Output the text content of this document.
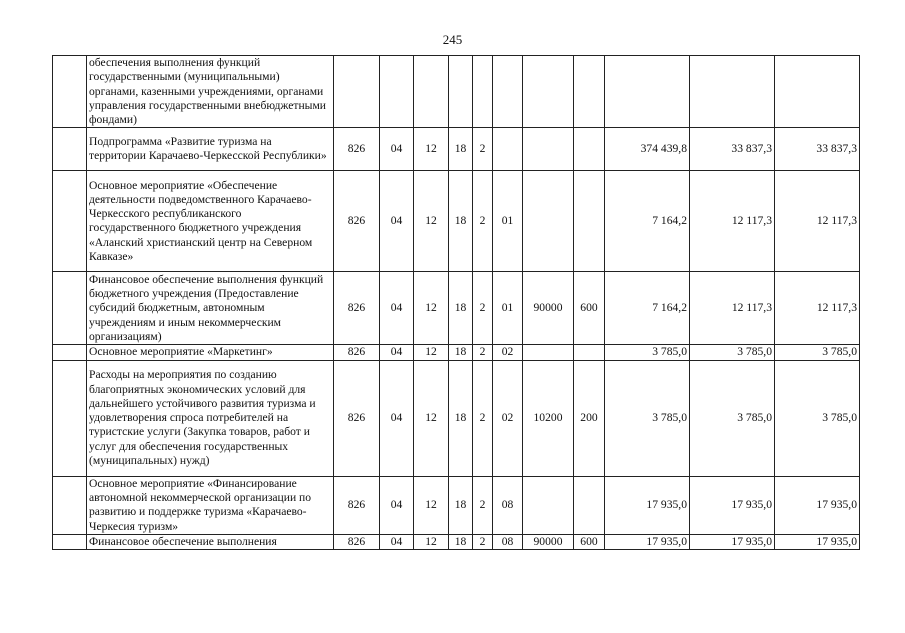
245
	обеспечения выполнения функций государственными (муниципальными) органами, казенными учреждениями, органами управления государственными внебюджетными фондами)											
	Подпрограмма «Развитие туризма на территории Карачаево-Черкесской Республики»	826	04	12	18	2				374 439,8	33 837,3	33 837,3
	Основное мероприятие «Обеспечение деятельности подведомственного Карачаево-Черкесского республиканского государственного бюджетного учреждения «Аланский христианский центр на Северном Кавказе»	826	04	12	18	2	01			7 164,2	12 117,3	12 117,3
	Финансовое обеспечение выполнения функций бюджетного учреждения (Предоставление субсидий бюджетным, автономным учреждениям и иным некоммерческим организациям)	826	04	12	18	2	01	90000	600	7 164,2	12 117,3	12 117,3
	Основное мероприятие «Маркетинг»	826	04	12	18	2	02			3 785,0	3 785,0	3 785,0
	Расходы на мероприятия по созданию благоприятных экономических условий для дальнейшего устойчивого развития туризма и удовлетворения спроса потребителей на туристские услуги (Закупка товаров, работ и услуг для обеспечения государственных (муниципальных) нужд)	826	04	12	18	2	02	10200	200	3 785,0	3 785,0	3 785,0
	Основное мероприятие «Финансирование автономной некоммерческой организации по развитию и поддержке туризма «Карачаево-Черкесия туризм»	826	04	12	18	2	08			17 935,0	17 935,0	17 935,0
	Финансовое обеспечение выполнения	826	04	12	18	2	08	90000	600	17 935,0	17 935,0	17 935,0
